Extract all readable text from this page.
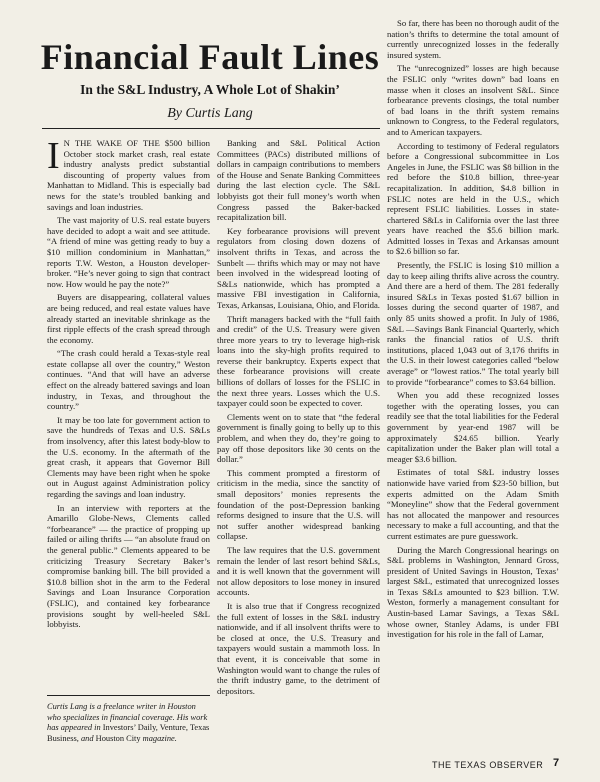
Financial Fault Lines
In the S&L Industry, A Whole Lot of Shakin’
By Curtis Lang

I N THE WAKE OF THE $500 billion October stock market crash, real estate industry analysts predict substantial discounting of property values from Manhattan to Midland. This is especially bad news for the state’s troubled banking and savings and loan industries.

The vast majority of U.S. real estate buyers have decided to adopt a wait and see attitude. “A friend of mine was getting ready to buy a $10 million condominium in Manhattan,” reports T.W. Weston, a Houston developer-broker. “He’s never going to sign that contract now. How would he pay the note?”

Buyers are disappearing, collateral values are being reduced, and real estate values have already started an inevitable shrinkage as the first ripple effects of the crash spread through the economy.

“The crash could herald a Texas-style real estate collapse all over the country,” Weston continues. “And that will have an adverse effect on the already battered savings and loan industry, in Texas, and throughout the country.”

It may be too late for government action to save the hundreds of Texas and U.S. S&Ls from insolvency, after this latest body-blow to the U.S. economy. In the aftermath of the great crash, it appears that Governor Bill Clements may have been right when he spoke out in August against Administration policy regarding the savings and loan industry.

In an interview with reporters at the Amarillo Globe-News, Clements called “forbearance” — the practice of propping up failed or ailing thrifts — “an absolute fraud on the general public.” Clements appeared to be criticizing Treasury Secretary Baker’s compromise banking bill. The bill provided a $10.8 billion shot in the arm to the Federal Savings and Loan Insurance Corporation (FSLIC), and contained key forbearance provisions sought by well-heeled S&L lobbyists.

Curtis Lang is a freelance writer in Houston who specializes in financial coverage. His work has appeared in Investors’ Daily, Venture, Texas Business, and Houston City magazine.

Banking and S&L Political Action Committees (PACs) distributed millions of dollars in campaign contributions to members of the House and Senate Banking Committees during the last election cycle. The S&L lobbyists got their full money’s worth when Congress passed the Baker-backed recapitalization bill.

Key forbearance provisions will prevent regulators from closing down dozens of insolvent thrifts in Texas, and across the Sunbelt — thrifts which may or may not have been involved in the widespread looting of S&Ls nationwide, which has prompted a massive FBI investigation in California, Texas, Arkansas, Louisiana, Ohio, and Florida.

Thrift managers backed with the “full faith and credit” of the U.S. Treasury were given three more years to try to leverage high-risk loans into the sky-high profits required to reverse their bankruptcy. Experts expect that these forbearance provisions will create billions of dollars of losses for the FSLIC in the next three years. Losses which the U.S. taxpayer could soon be expected to cover.

Clements went on to state that “the federal government is finally going to belly up to this problem, and when they do, they’re going to pay off those depositors like 30 cents on the dollar.”

This comment prompted a firestorm of criticism in the media, since the sanctity of small depositors’ monies represents the foundation of the post-Depression banking reforms designed to insure that the U.S. will not suffer another widespread banking collapse.

The law requires that the U.S. government remain the lender of last resort behind S&Ls, and it is well known that the government will not allow depositors to lose money in insured accounts.

It is also true that if Congress recognized the full extent of losses in the S&L industry nationwide, and if all insolvent thrifts were to be closed at once, the U.S. Treasury and taxpayers would sustain a mammoth loss. In that event, it is conceivable that some in Washington would want to change the rules of the thrift industry game, to the detriment of depositors.

So far, there has been no thorough audit of the nation’s thrifts to determine the total amount of currently unrecognized losses in the federally insured system.

The “unrecognized” losses are high because the FSLIC only “writes down” bad loans en masse when it closes an insolvent S&L. Since forbearance prevents closings, the total number of bad loans in the thrift system remains unknown to Congress, to the Federal regulators, and to American taxpayers.

According to testimony of Federal regulators before a Congressional subcommittee in Los Angeles in June, the FSLIC was $8 billion in the red before the $10.8 billion, three-year recapitalization. In addition, $4.8 billion in FSLIC notes are held in the U.S., which represent FSLIC liabilities. Losses in state-chartered S&Ls in California over the last three years have reached the $5.6 billion mark. Admitted losses in Texas and Arkansas amount to $2.6 billion so far.

Presently, the FSLIC is losing $10 million a day to keep ailing thrifts alive across the country. And there are a herd of them. The 281 federally insured S&Ls in Texas posted $1.67 billion in losses during the second quarter of 1987, and only 85 units showed a profit. In July of 1986, S&L —Savings Bank Financial Quarterly, which ranks the financial ratios of U.S. thrift institutions, placed 1,043 out of 3,176 thrifts in the U.S. in their lowest categories called “below average” or “lowest ratios.” The total yearly bill to provide “forbearance” comes to $3.64 billion.

When you add these recognized losses together with the operating losses, you can readily see that the total liabilities for the Federal government by year-end 1987 will be approximately $24.65 billion. Yearly capitalization under the Baker plan will total a meager $3.6 billion.

Estimates of total S&L industry losses nationwide have varied from $23-50 billion, but experts admitted on the Adam Smith “Moneyline” show that the Federal government has not allocated the manpower and resources necessary to make a full accounting, and that the current estimates are pure guesswork.

During the March Congressional hearings on S&L problems in Washington, Jennard Gross, president of United Savings in Houston, Texas’ largest S&L, estimated that unrecognized losses in Texas S&Ls amounted to $23 billion. T.W. Weston, formerly a management consultant for Austin-based Lamar Savings, a Texas S&L whose owner, Stanley Adams, is under FBI investigation for his role in the fall of Lamar,

THE TEXAS OBSERVER 7
